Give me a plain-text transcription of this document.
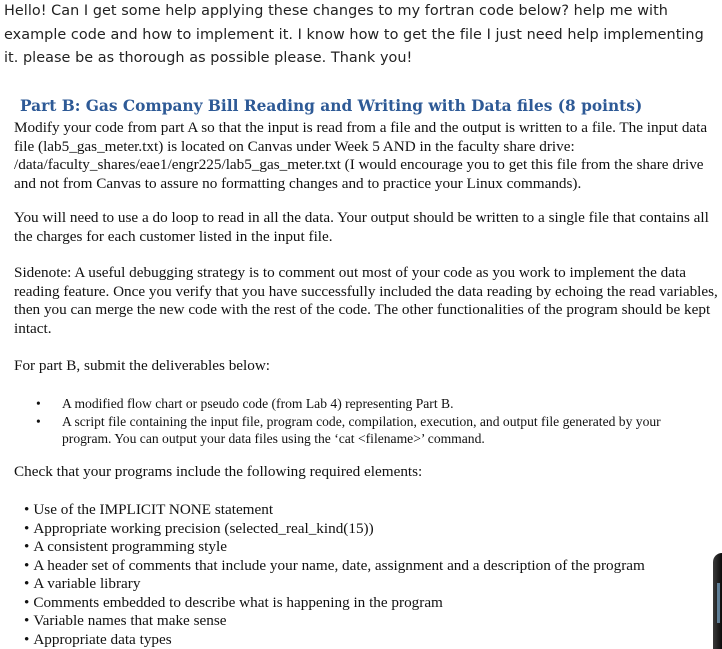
Hello! Can I get some help applying these changes to my fortran code below? help me with example code and how to implement it. I know how to get the file I just need help implementing it. please be as thorough as possible please. Thank you!
Part B: Gas Company Bill Reading and Writing with Data files (8 points)

Modify your code from part A so that the input is read from a file and the output is written to a file. The input data file (lab5_gas_meter.txt) is located on Canvas under Week 5 AND in the faculty share drive: /data/faculty_shares/eae1/engr225/lab5_gas_meter.txt (I would encourage you to get this file from the share drive and not from Canvas to assure no formatting changes and to practice your Linux commands).

You will need to use a do loop to read in all the data. Your output should be written to a single file that contains all the charges for each customer listed in the input file.

Sidenote: A useful debugging strategy is to comment out most of your code as you work to implement the data reading feature. Once you verify that you have successfully included the data reading by echoing the read variables, then you can merge the new code with the rest of the code. The other functionalities of the program should be kept intact.

For part B, submit the deliverables below:

• A modified flow chart or pseudo code (from Lab 4) representing Part B.
• A script file containing the input file, program code, compilation, execution, and output file generated by your program. You can output your data files using the ‘cat <filename>’ command.

Check that your programs include the following required elements:

• Use of the IMPLICIT NONE statement
• Appropriate working precision (selected_real_kind(15))
• A consistent programming style
• A header set of comments that include your name, date, assignment and a description of the program
• A variable library
• Comments embedded to describe what is happening in the program
• Variable names that make sense
• Appropriate data types
